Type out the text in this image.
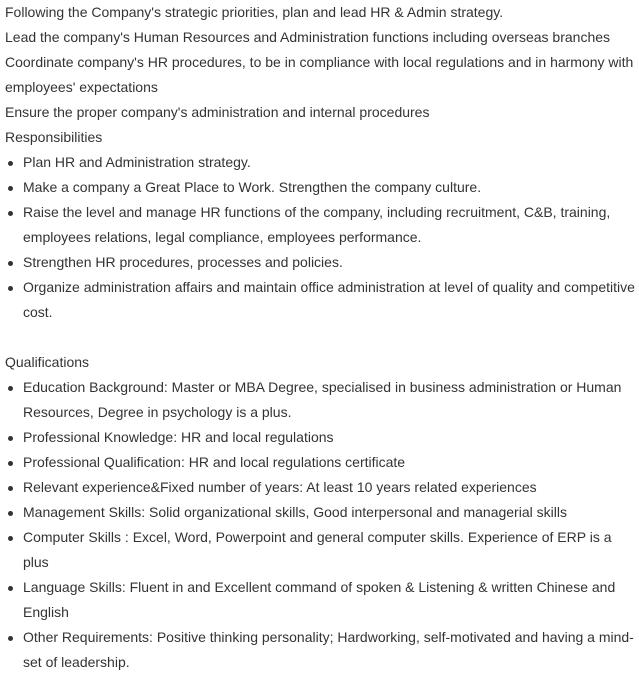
Following the Company's strategic priorities, plan and lead HR & Admin strategy.

Lead the company's Human Resources and Administration functions including overseas branches

Coordinate company's HR procedures, to be in compliance with local regulations and in harmony with employees' expectations

Ensure the proper company's administration and internal procedures

Responsibilities

Plan HR and Administration strategy.
Make a company a Great Place to Work. Strengthen the company culture.
Raise the level and manage HR functions of the company, including recruitment, C&B, training, employees relations, legal compliance, employees performance.
Strengthen HR procedures, processes and policies.
Organize administration affairs and maintain office administration at level of quality and competitive cost.

Qualifications

Education Background: Master or MBA Degree, specialised in business administration or Human Resources, Degree in psychology is a plus.
Professional Knowledge: HR and local regulations
Professional Qualification: HR and local regulations certificate
Relevant experience&Fixed number of years: At least 10 years related experiences
Management Skills: Solid organizational skills, Good interpersonal and managerial skills
Computer Skills : Excel, Word, Powerpoint and general computer skills. Experience of ERP is a plus
Language Skills: Fluent in and Excellent command of spoken & Listening & written Chinese and English
Other Requirements: Positive thinking personality; Hardworking, self-motivated and having a mind-set of leadership.
